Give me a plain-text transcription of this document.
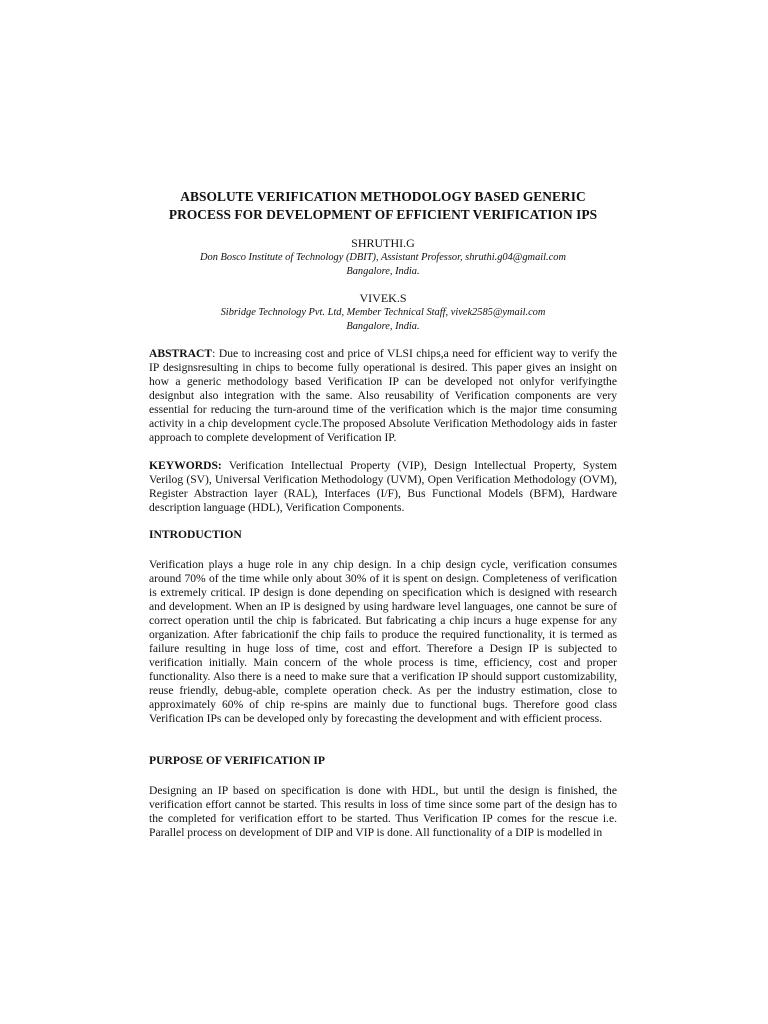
ABSOLUTE VERIFICATION METHODOLOGY BASED GENERIC
PROCESS FOR DEVELOPMENT OF EFFICIENT VERIFICATION IPS
SHRUTHI.G
Don Bosco Institute of Technology (DBIT), Assistant Professor, shruthi.g04@gmail.com
Bangalore, India.
VIVEK.S
Sibridge Technology Pvt. Ltd, Member Technical Staff, vivek2585@ymail.com
Bangalore, India.

ABSTRACT: Due to increasing cost and price of VLSI chips,a need for efficient way to verify the IP designsresulting in chips to become fully operational is desired. This paper gives an insight on how a generic methodology based Verification IP can be developed not onlyfor verifyingthe designbut also integration with the same. Also reusability of Verification components are very essential for reducing the turn-around time of the verification which is the major time consuming activity in a chip development cycle.The proposed Absolute Verification Methodology aids in faster approach to complete development of Verification IP.

KEYWORDS: Verification Intellectual Property (VIP), Design Intellectual Property, System Verilog (SV), Universal Verification Methodology (UVM), Open Verification Methodology (OVM), Register Abstraction layer (RAL), Interfaces (I/F), Bus Functional Models (BFM), Hardware description language (HDL), Verification Components.

INTRODUCTION

Verification plays a huge role in any chip design. In a chip design cycle, verification consumes around 70% of the time while only about 30% of it is spent on design. Completeness of verification is extremely critical. IP design is done depending on specification which is designed with research and development. When an IP is designed by using hardware level languages, one cannot be sure of correct operation until the chip is fabricated. But fabricating a chip incurs a huge expense for any organization. After fabricationif the chip fails to produce the required functionality, it is termed as failure resulting in huge loss of time, cost and effort. Therefore a Design IP is subjected to verification initially. Main concern of the whole process is time, efficiency, cost and proper functionality. Also there is a need to make sure that a verification IP should support customizability, reuse friendly, debug-able, complete operation check. As per the industry estimation, close to approximately 60% of chip re-spins are mainly due to functional bugs. Therefore good class Verification IPs can be developed only by forecasting the development and with efficient process.

PURPOSE OF VERIFICATION IP

Designing an IP based on specification is done with HDL, but until the design is finished, the verification effort cannot be started. This results in loss of time since some part of the design has to the completed for verification effort to be started. Thus Verification IP comes for the rescue i.e. Parallel process on development of DIP and VIP is done. All functionality of a DIP is modelled in
